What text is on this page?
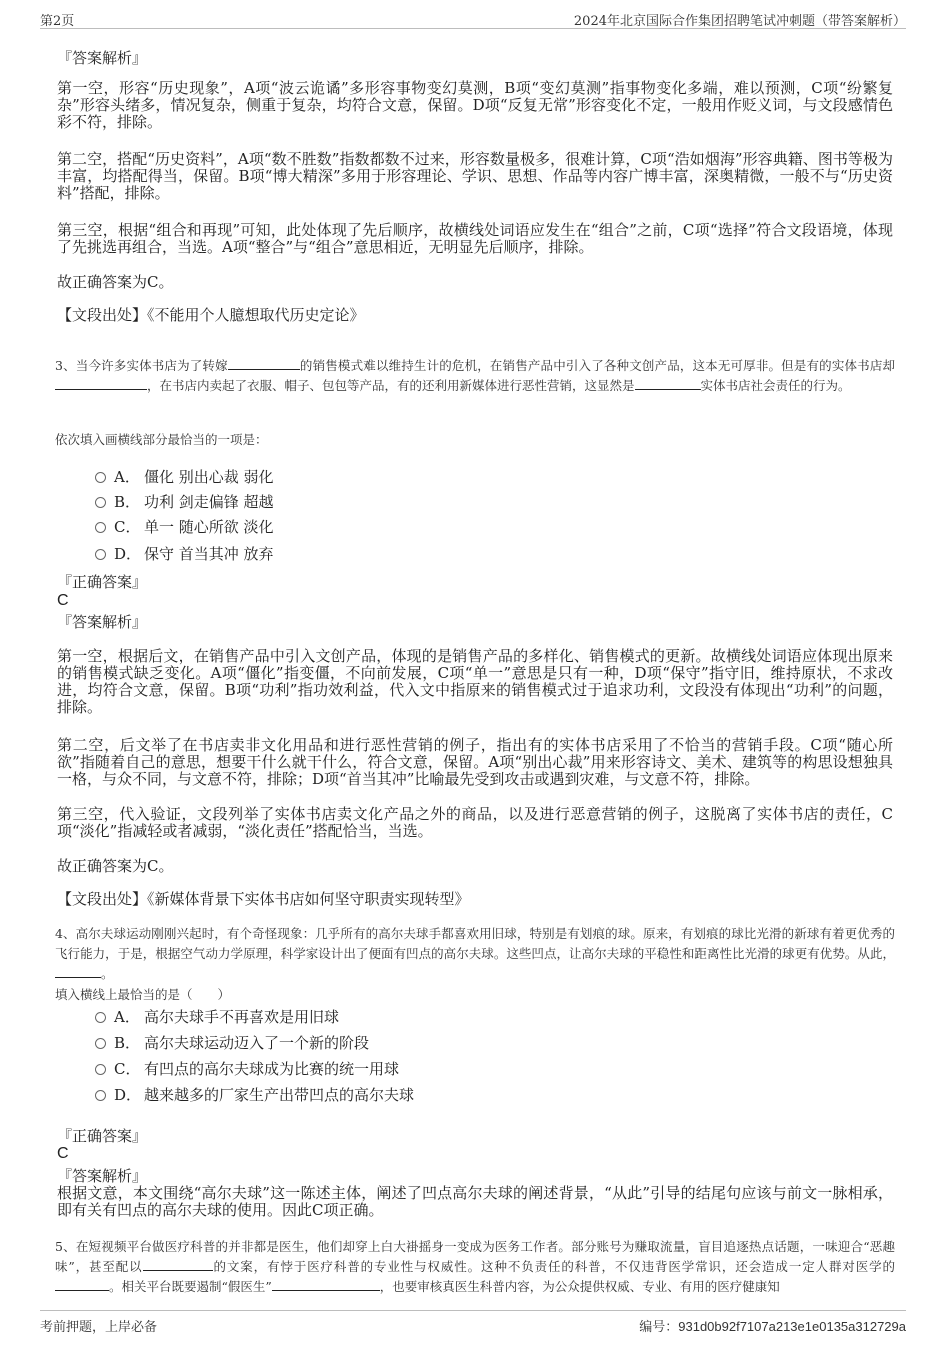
第2页	2024年北京国际合作集团招聘笔试冲刺题（带答案解析）
『答案解析』

第一空，形容“历史现象”，A项“波云诡谲”多形容事物变幻莫测，B项“变幻莫测”指事物变化多端，难以预测，C项“纷繁复杂”形容头绪多，情况复杂，侧重于复杂，均符合文意，保留。D项“反复无常”形容变化不定，一般用作贬义词，与文段感情色彩不符，排除。

第二空，搭配“历史资料”，A项“数不胜数”指数都数不过来，形容数量极多，很难计算，C项“浩如烟海”形容典籍、图书等极为丰富，均搭配得当，保留。B项“博大精深”多用于形容理论、学识、思想、作品等内容广博丰富，深奥精微，一般不与“历史资料”搭配，排除。

第三空，根据“组合和再现”可知，此处体现了先后顺序，故横线处词语应发生在“组合”之前，C项“选择”符合文段语境，体现了先挑选再组合，当选。A项“整合”与“组合”意思相近，无明显先后顺序，排除。

故正确答案为C。
【文段出处】《不能用个人臆想取代历史定论》
3、当今许多实体书店为了转嫁	的销售模式难以维持生计的危机，在销售产品中引入了各种文创产品，这本无可厚非。但是有的实体书店却，在书店内卖起了衣服、帽子、包包等产品，有的还利用新媒体进行恶性营销，这显然是	实体书店社会责任的行为。
依次填入画横线部分最恰当的一项是：
A． 僵化 别出心裁 弱化
B． 功利 剑走偏锋 超越
C． 单一 随心所欲 淡化
D． 保守 首当其冲 放弃
『正确答案』
C
『答案解析』

第一空，根据后文，在销售产品中引入文创产品，体现的是销售产品的多样化、销售模式的更新。故横线处词语应体现出原来的销售模式缺乏变化。A项“僵化”指变僵，不向前发展，C项“单一”意思是只有一种，D项“保守”指守旧，维持原状，不求改进，均符合文意，保留。B项“功利”指功效利益，代入文中指原来的销售模式过于追求功利，文段没有体现出“功利”的问题，排除。

第二空，后文举了在书店卖非文化用品和进行恶性营销的例子，指出有的实体书店采用了不恰当的营销手段。C项“随心所欲”指随着自己的意思，想要干什么就干什么，符合文意，保留。A项“别出心裁”用来形容诗文、美术、建筑等的构思设想独具一格，与众不同，与文意不符，排除；D项“首当其冲”比喻最先受到攻击或遇到灾难，与文意不符，排除。

第三空，代入验证，文段列举了实体书店卖文化产品之外的商品，以及进行恶意营销的例子，这脱离了实体书店的责任，C项“淡化”指减轻或者减弱，“淡化责任”搭配恰当，当选。

故正确答案为C。
【文段出处】《新媒体背景下实体书店如何坚守职责实现转型》
4、高尔夫球运动刚刚兴起时，有个奇怪现象：几乎所有的高尔夫球手都喜欢用旧球，特别是有划痕的球。原来，有划痕的球比光滑的新球有着更优秀的飞行能力，于是，根据空气动力学原理，科学家设计出了便面有凹点的高尔夫球。这些凹点，让高尔夫球的平稳性和距离性比光滑的球更有优势。从此，。
填入横线上最恰当的是（　　）
A． 高尔夫球手不再喜欢是用旧球
B． 高尔夫球运动迈入了一个新的阶段
C． 有凹点的高尔夫球成为比赛的统一用球
D． 越来越多的厂家生产出带凹点的高尔夫球
『正确答案』
C
『答案解析』

根据文意，本文围绕“高尔夫球”这一陈述主体，阐述了凹点高尔夫球的阐述背景，“从此”引导的结尾句应该与前文一脉相承，即有关有凹点的高尔夫球的使用。因此C项正确。

5、在短视频平台做医疗科普的并非都是医生，他们却穿上白大褂摇身一变成为医务工作者。部分账号为赚取流量，盲目追逐热点话题，一味迎合“恶趣味”，甚至配以	的文案，有悖于医疗科普的专业性与权威性。这种不负责任的科普，不仅违背医学常识，还会造成一定人群对医学的。相关平台既要遏制“假医生”	，也要审核真医生科普内容，为公众提供权威、专业、有用的医疗健康知
考前押题，上岸必备	编号：931d0b92f7107a213e1e0135a312729a
